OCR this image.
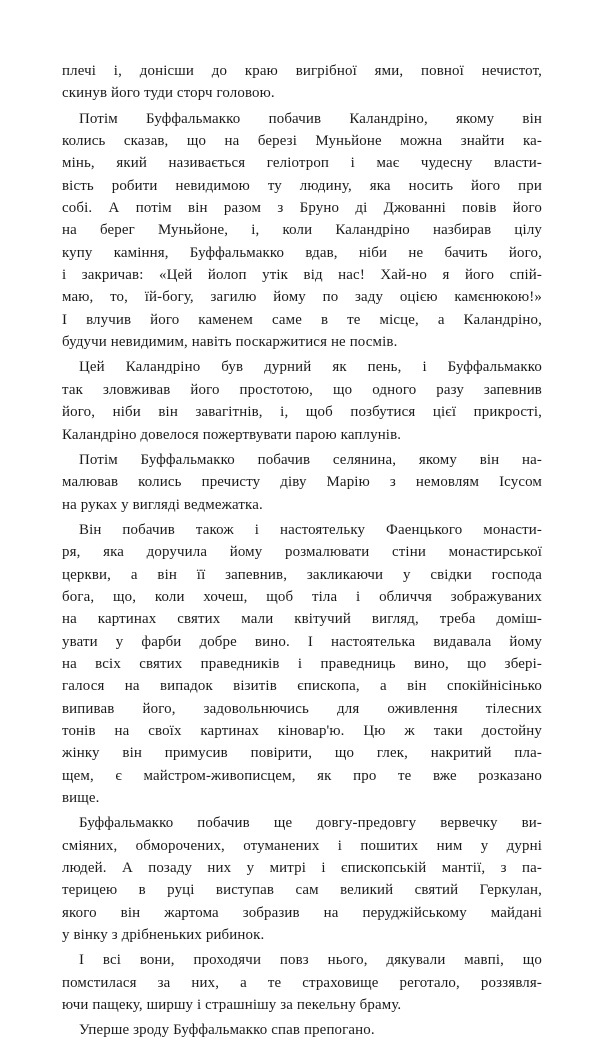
плечі і, донісши до краю вигрібної ями, повної нечистот,
скинув його туди сторч головою.
Потім Буффальмакко побачив Каландріно, якому він
колись сказав, що на березі Муньйоне можна знайти ка-
мінь, який називається геліотроп і має чудесну власти-
вість робити невидимою ту людину, яка носить його при
собі. А потім він разом з Бруно ді Джованні повів його
на берег Муньйоне, і, коли Каландріно назбирав цілу
купу каміння, Буффальмакко вдав, ніби не бачить його,
і закричав: «Цей йолоп утік від нас! Хай-но я його спій-
маю, то, їй-богу, загилю йому по заду оцією камєнюкою!»
І влучив його каменем саме в те місце, а Каландріно,
будучи невидимим, навіть поскаржитися не посмів.
Цей Каландріно був дурний як пень, і Буффальмакко
так зловживав його простотою, що одного разу запевнив
його, ніби він завагітнів, і, щоб позбутися цієї прикрості,
Каландріно довелося пожертвувати парою каплунів.
Потім Буффальмакко побачив селянина, якому він на-
малював колись пречисту діву Марію з немовлям Ісусом
на руках у вигляді ведмежатка.
Він побачив також і настоятельку Фаенцького монасти-
ря, яка доручила йому розмалювати стіни монастирської
церкви, а він її запевнив, закликаючи у свідки господа
бога, що, коли хочеш, щоб тіла і обличчя зображуваних
на картинах святих мали квітучий вигляд, треба доміш-
увати у фарби добре вино. І настоятелька видавала йому
на всіх святих праведників і праведниць вино, що збері-
галося на випадок візитів єпископа, а він спокійнісінько
випивав його, задовольнючись для оживлення тілесних
тонів на своїх картинах кіновар'ю. Цю ж таки достойну
жінку він примусив повірити, що глек, накритий пла-
щем, є майстром-живописцем, як про те вже розказано
вище.
Буффальмакко побачив ще довгу-предовгу вервечку ви-
сміяних, обморочених, отуманених і пошитих ним у дурні
людей. А позаду них у митрі і єпископській мантії, з па-
терицею в руці виступав сам великий святий Геркулан,
якого він жартома зобразив на перуджійському майдані
у вінку з дрібненьких рибинок.
І всі вони, проходячи повз нього, дякували мавпі, що
помстилася за них, а те страховище реготало, роззявля-
ючи пащеку, ширшу і страшнішу за пекельну браму.
Уперше зроду Буффальмакко спав препогано.
